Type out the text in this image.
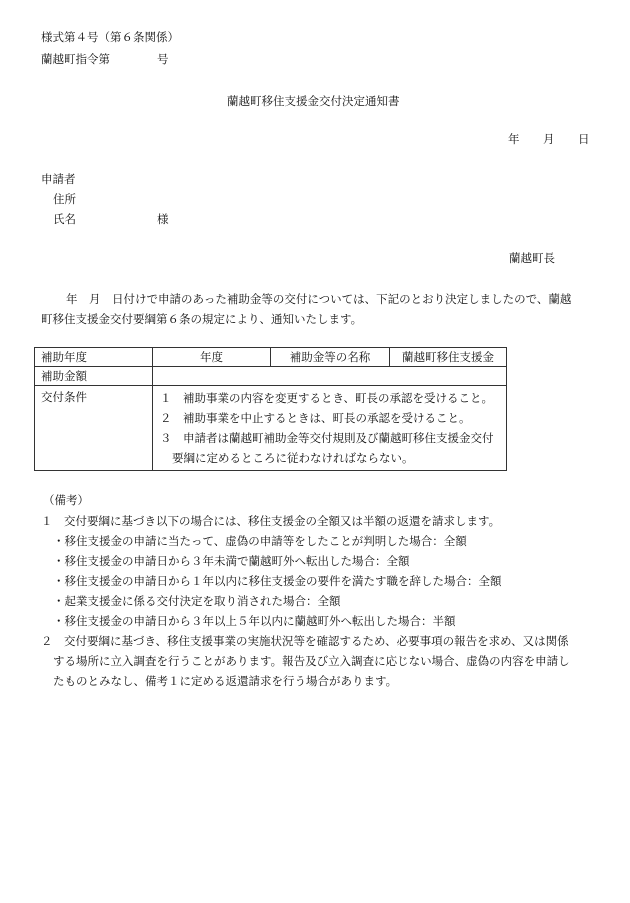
様式第４号（第６条関係）
蘭越町指令第	号
蘭越町移住支援金交付決定通知書
年 月 日
申請者
住所
氏名	様
蘭越町長
年　月　日付けで申請のあった補助金等の交付については、下記のとおり決定しましたので、蘭越
町移住支援金交付要綱第６条の規定により、通知いたします。
補助年度	年度	補助金等の名称	蘭越町移住支援金
補助金額			
交付条件	１　補助事業の内容を変更するとき、町長の承認を受けること。
２　補助事業を中止するときは、町長の承認を受けること。
３　申請者は蘭越町補助金等交付規則及び蘭越町移住支援金交付
要綱に定めるところに従わなければならない。		
（備考）
１　交付要綱に基づき以下の場合には、移住支援金の全額又は半額の返還を請求します。
・移住支援金の申請に当たって、虚偽の申請等をしたことが判明した場合：全額
・移住支援金の申請日から３年未満で蘭越町外へ転出した場合：全額
・移住支援金の申請日から１年以内に移住支援金の要件を満たす職を辞した場合：全額
・起業支援金に係る交付決定を取り消された場合：全額
・移住支援金の申請日から３年以上５年以内に蘭越町外へ転出した場合：半額
２　交付要綱に基づき、移住支援事業の実施状況等を確認するため、必要事項の報告を求め、又は関係
する場所に立入調査を行うことがあります。報告及び立入調査に応じない場合、虚偽の内容を申請し
たものとみなし、備考１に定める返還請求を行う場合があります。
